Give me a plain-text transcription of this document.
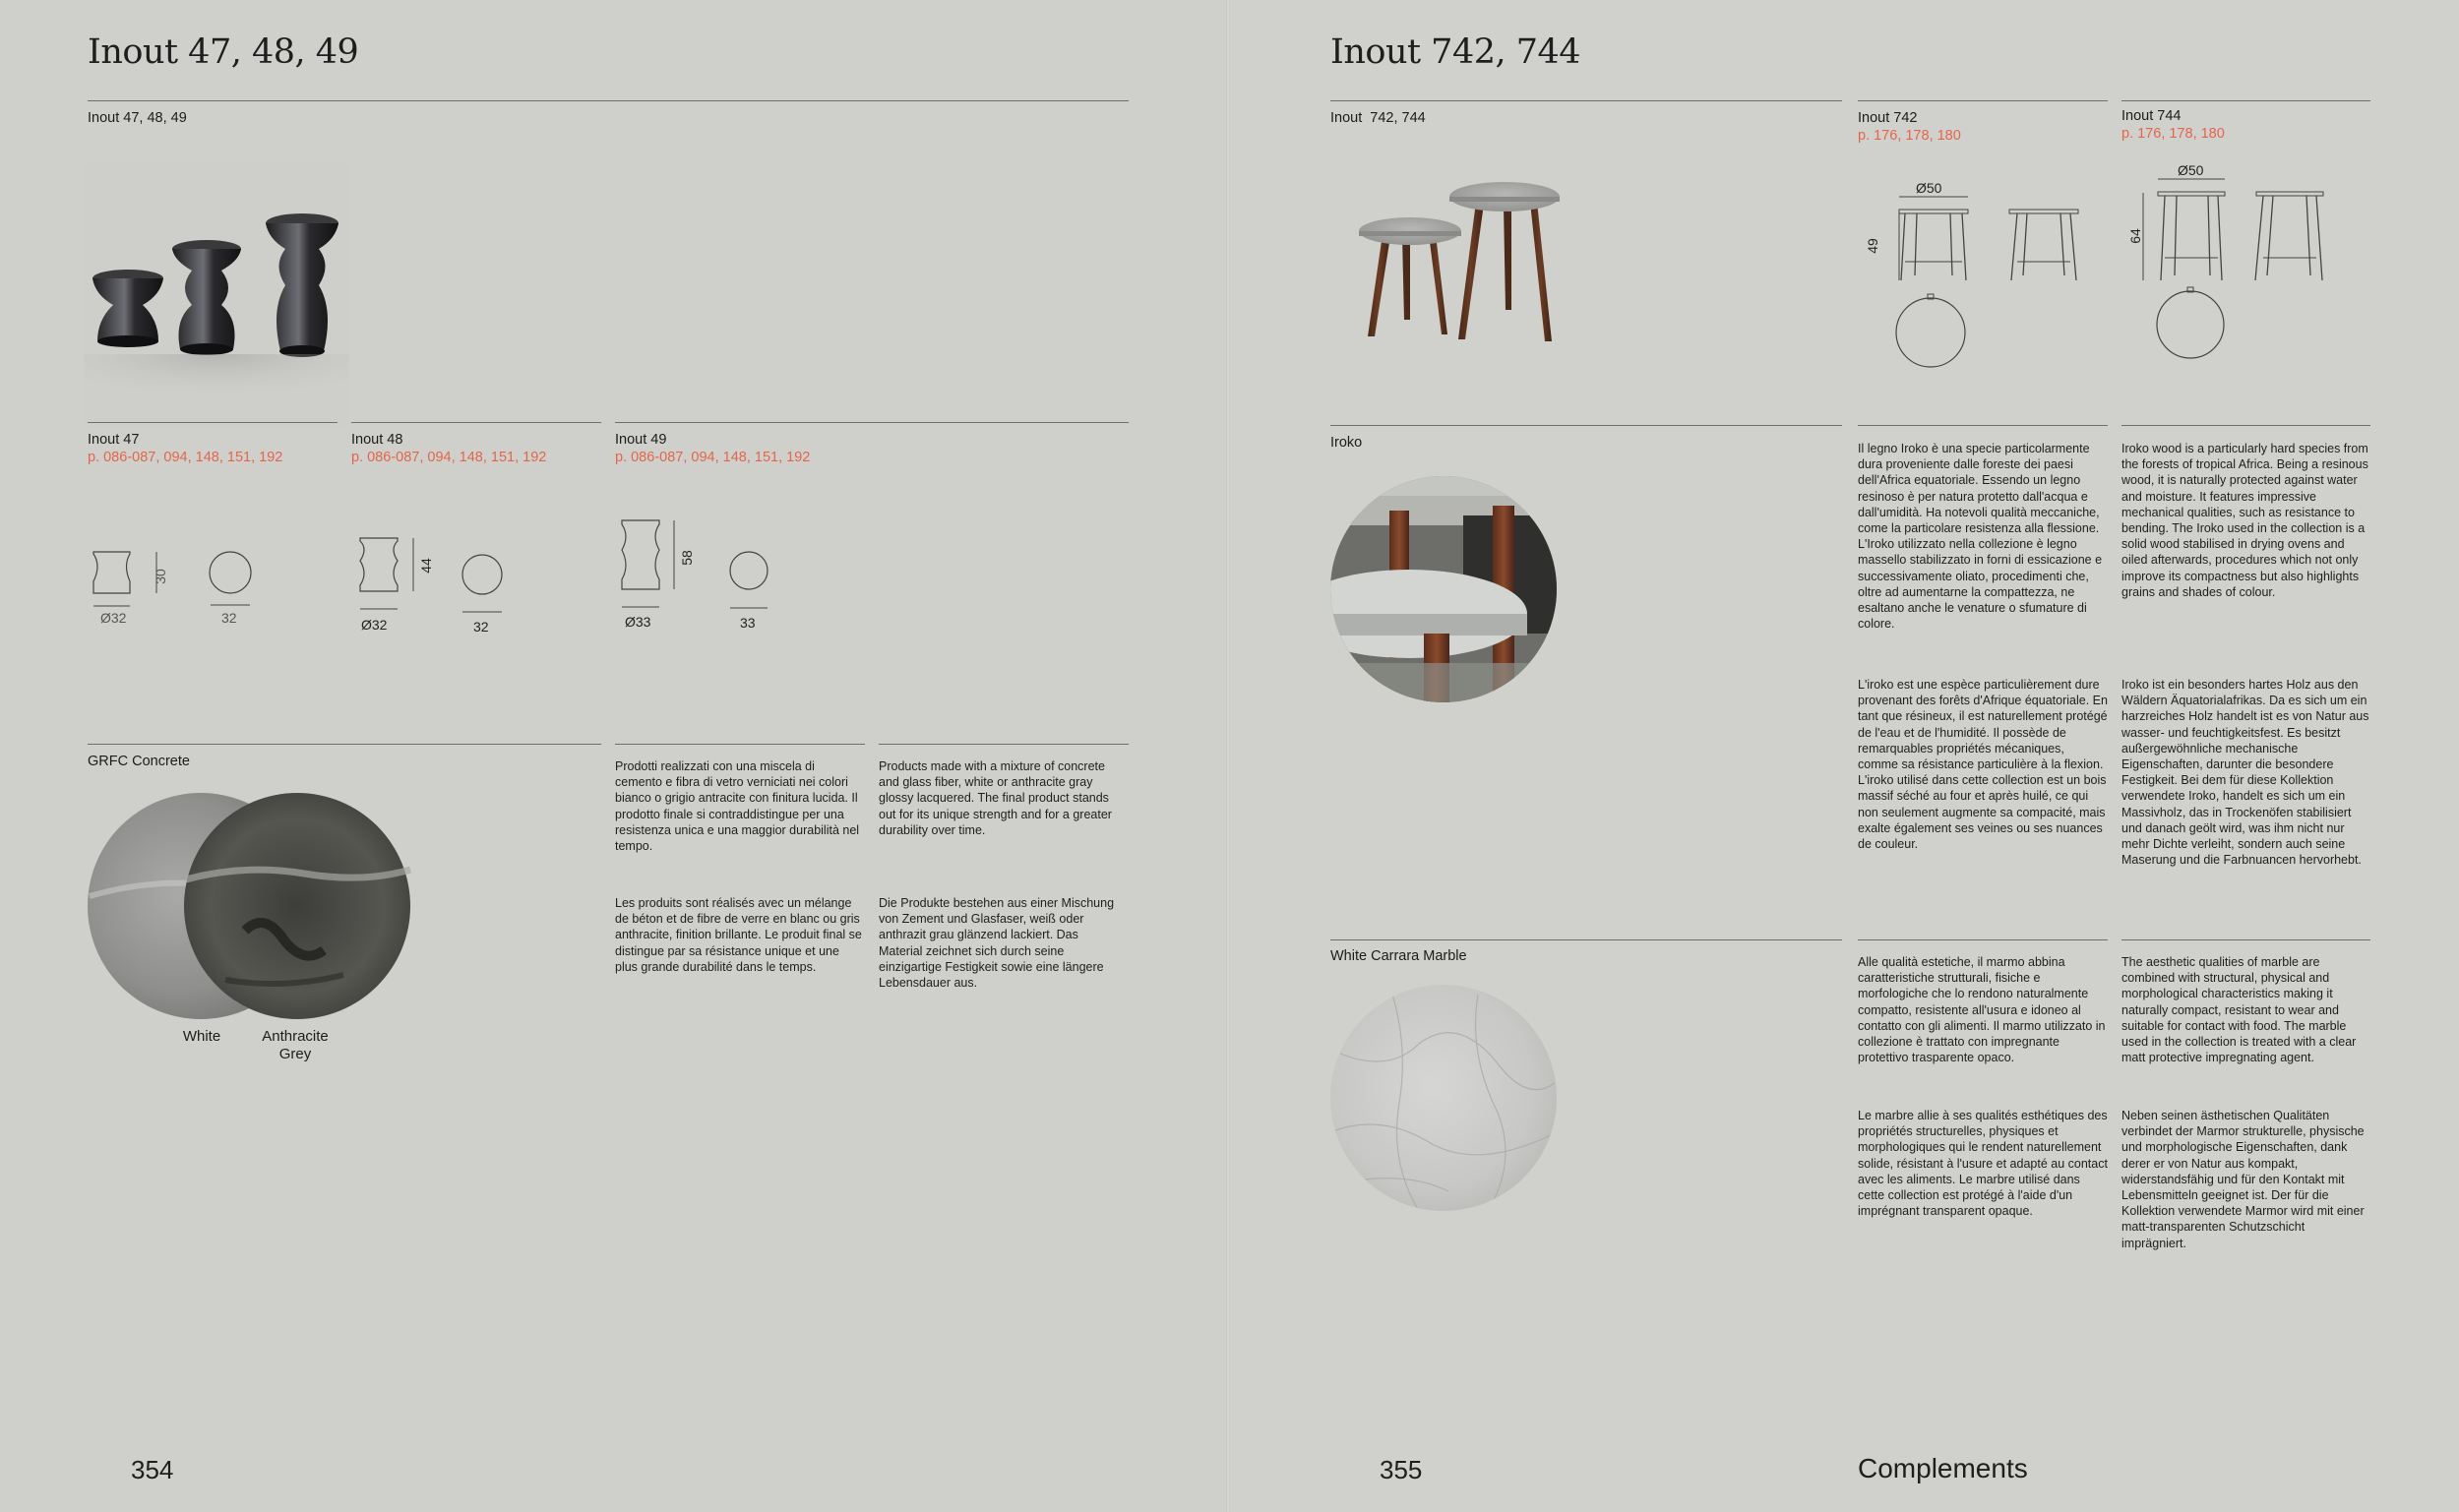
Inout 47, 48, 49
Inout 47, 48, 49
Inout 47
p. 086-087, 094, 148, 151, 192
Inout 48
p. 086-087, 094, 148, 151, 192
Inout 49
p. 086-087, 094, 148, 151, 192
Ø32	32
30
Ø32	32
44
Ø33	33
58
GRFC Concrete
White	Anthracite
Grey

Prodotti realizzati con una miscela di cemento e fibra di vetro verniciati nei colori bianco o grigio antracite con finitura lucida. Il prodotto finale si contraddistingue per una resistenza unica e una maggior durabilità nel tempo.

Products made with a mixture of concrete and glass fiber, white or anthracite gray glossy lacquered. The final product stands out for its unique strength and for a greater durability over time.

Les produits sont réalisés avec un mélange de béton et de fibre de verre en blanc ou gris anthracite, finition brillante. Le produit final se distingue par sa résistance unique et une plus grande durabilité dans le temps.

Die Produkte bestehen aus einer Mischung von Zement und Glasfaser, weiß oder anthrazit grau glänzend lackiert. Das Material zeichnet sich durch seine einzigartige Festigkeit sowie eine längere Lebensdauer aus.

354
Inout 742, 744
Inout  742, 744	Inout 742
p. 176, 178, 180
Inout 744
p. 176, 178, 180
Ø50
49
Ø50
64
Iroko	Il legno Iroko è una specie particolarmente dura proveniente dalle foreste dei paesi dell'Africa equatoriale. Essendo un legno resinoso è per natura protetto dall'acqua e dall'umidità. Ha notevoli qualità meccaniche, come la particolare resistenza alla flessione. L'Iroko utilizzato nella collezione è legno massello stabilizzato in forni di essicazione e successivamente oliato, procedimenti che, oltre ad aumentarne la compattezza, ne esaltano anche le venature o sfumature di colore.

Iroko wood is a particularly hard species from the forests of tropical Africa. Being a resinous wood, it is naturally protected against water and moisture. It features impressive mechanical qualities, such as resistance to bending. The Iroko used in the collection is a solid wood stabilised in drying ovens and oiled afterwards, procedures which not only improve its compactness but also highlights grains and shades of colour.

L'iroko est une espèce particulièrement dure provenant des forêts d'Afrique équatoriale. En tant que résineux, il est naturellement protégé de l'eau et de l'humidité. Il possède de remarquables propriétés mécaniques, comme sa résistance particulière à la flexion. L'iroko utilisé dans cette collection est un bois massif séché au four et après huilé, ce qui non seulement augmente sa compacité, mais exalte également ses veines ou ses nuances de couleur.

Iroko ist ein besonders hartes Holz aus den Wäldern Äquatorialafrikas. Da es sich um ein harzreiches Holz handelt ist es von Natur aus wasser- und feuchtigkeitsfest. Es besitzt außergewöhnliche mechanische Eigenschaften, darunter die besondere Festigkeit. Bei dem für diese Kollektion verwendete Iroko, handelt es sich um ein Massivholz, das in Trockenöfen stabilisiert und danach geölt wird, was ihm nicht nur mehr Dichte verleiht, sondern auch seine Maserung und die Farbnuancen hervorhebt.

White Carrara Marble	Alle qualità estetiche, il marmo abbina caratteristiche strutturali, fisiche e morfologiche che lo rendono naturalmente compatto, resistente all'usura e idoneo al contatto con gli alimenti. Il marmo utilizzato in collezione è trattato con impregnante protettivo trasparente opaco.

The aesthetic qualities of marble are combined with structural, physical and morphological characteristics making it naturally compact, resistant to wear and suitable for contact with food. The marble used in the collection is treated with a clear matt protective impregnating agent.

Le marbre allie à ses qualités esthétiques des propriétés structurelles, physiques et morphologiques qui le rendent naturellement solide, résistant à l'usure et adapté au contact avec les aliments. Le marbre utilisé dans cette collection est protégé à l'aide d'un imprégnant transparent opaque.

Neben seinen ästhetischen Qualitäten verbindet der Marmor strukturelle, physische und morphologische Eigenschaften, dank derer er von Natur aus kompakt, widerstandsfähig und für den Kontakt mit Lebensmitteln geeignet ist. Der für die Kollektion verwendete Marmor wird mit einer matt-transparenten Schutzschicht imprägniert.

355	Complements
